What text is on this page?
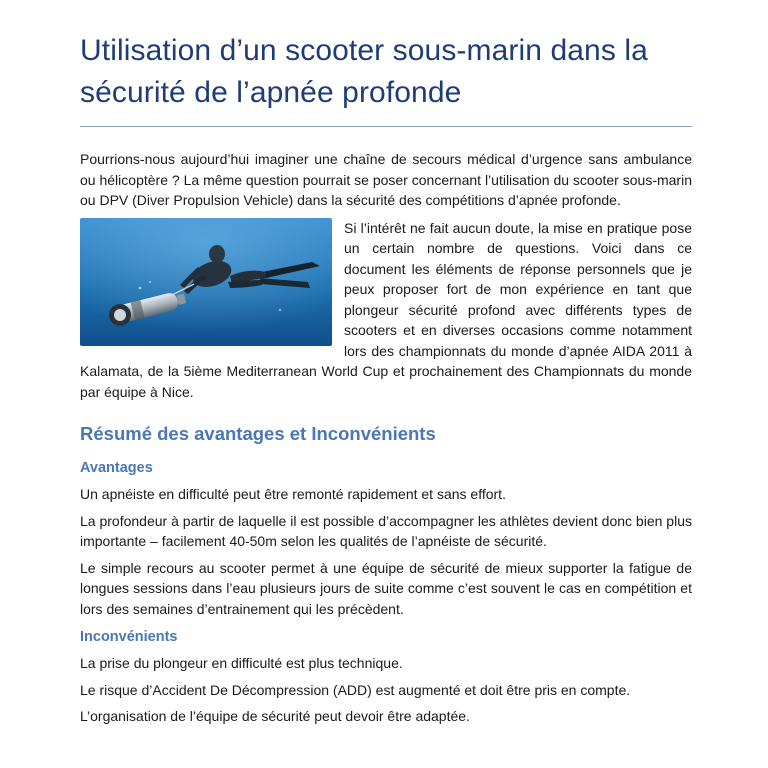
Utilisation d’un scooter sous-marin dans la sécurité de l’apnée profonde

Pourrions-nous aujourd’hui imaginer une chaîne de secours médical d’urgence sans ambulance ou hélicoptère ? La même question pourrait se poser concernant l’utilisation du scooter sous-marin ou DPV (Diver Propulsion Vehicle) dans la sécurité des compétitions d’apnée profonde.

Si l’intérêt ne fait aucun doute, la mise en pratique pose un certain nombre de questions. Voici dans ce document les éléments de réponse personnels que je peux proposer fort de mon expérience en tant que plongeur sécurité profond avec différents types de scooters et en diverses occasions comme notamment lors des championnats du monde d’apnée AIDA 2011 à Kalamata, de la 5ième Mediterranean World Cup et prochainement des Championnats du monde par équipe à Nice.

Résumé des avantages et Inconvénients
Avantages

Un apnéiste en difficulté peut être remonté rapidement et sans effort.

La profondeur à partir de laquelle il est possible d’accompagner les athlètes devient donc bien plus importante – facilement 40-50m selon les qualités de l’apnéiste de sécurité.

Le simple recours au scooter permet à une équipe de sécurité de mieux supporter la fatigue de longues sessions dans l’eau plusieurs jours de suite comme c’est souvent le cas en compétition et lors des semaines d’entrainement qui les précèdent.

Inconvénients

La prise du plongeur en difficulté est plus technique.

Le risque d’Accident De Décompression (ADD) est augmenté et doit être pris en compte.

L’organisation de l’équipe de sécurité peut devoir être adaptée.
